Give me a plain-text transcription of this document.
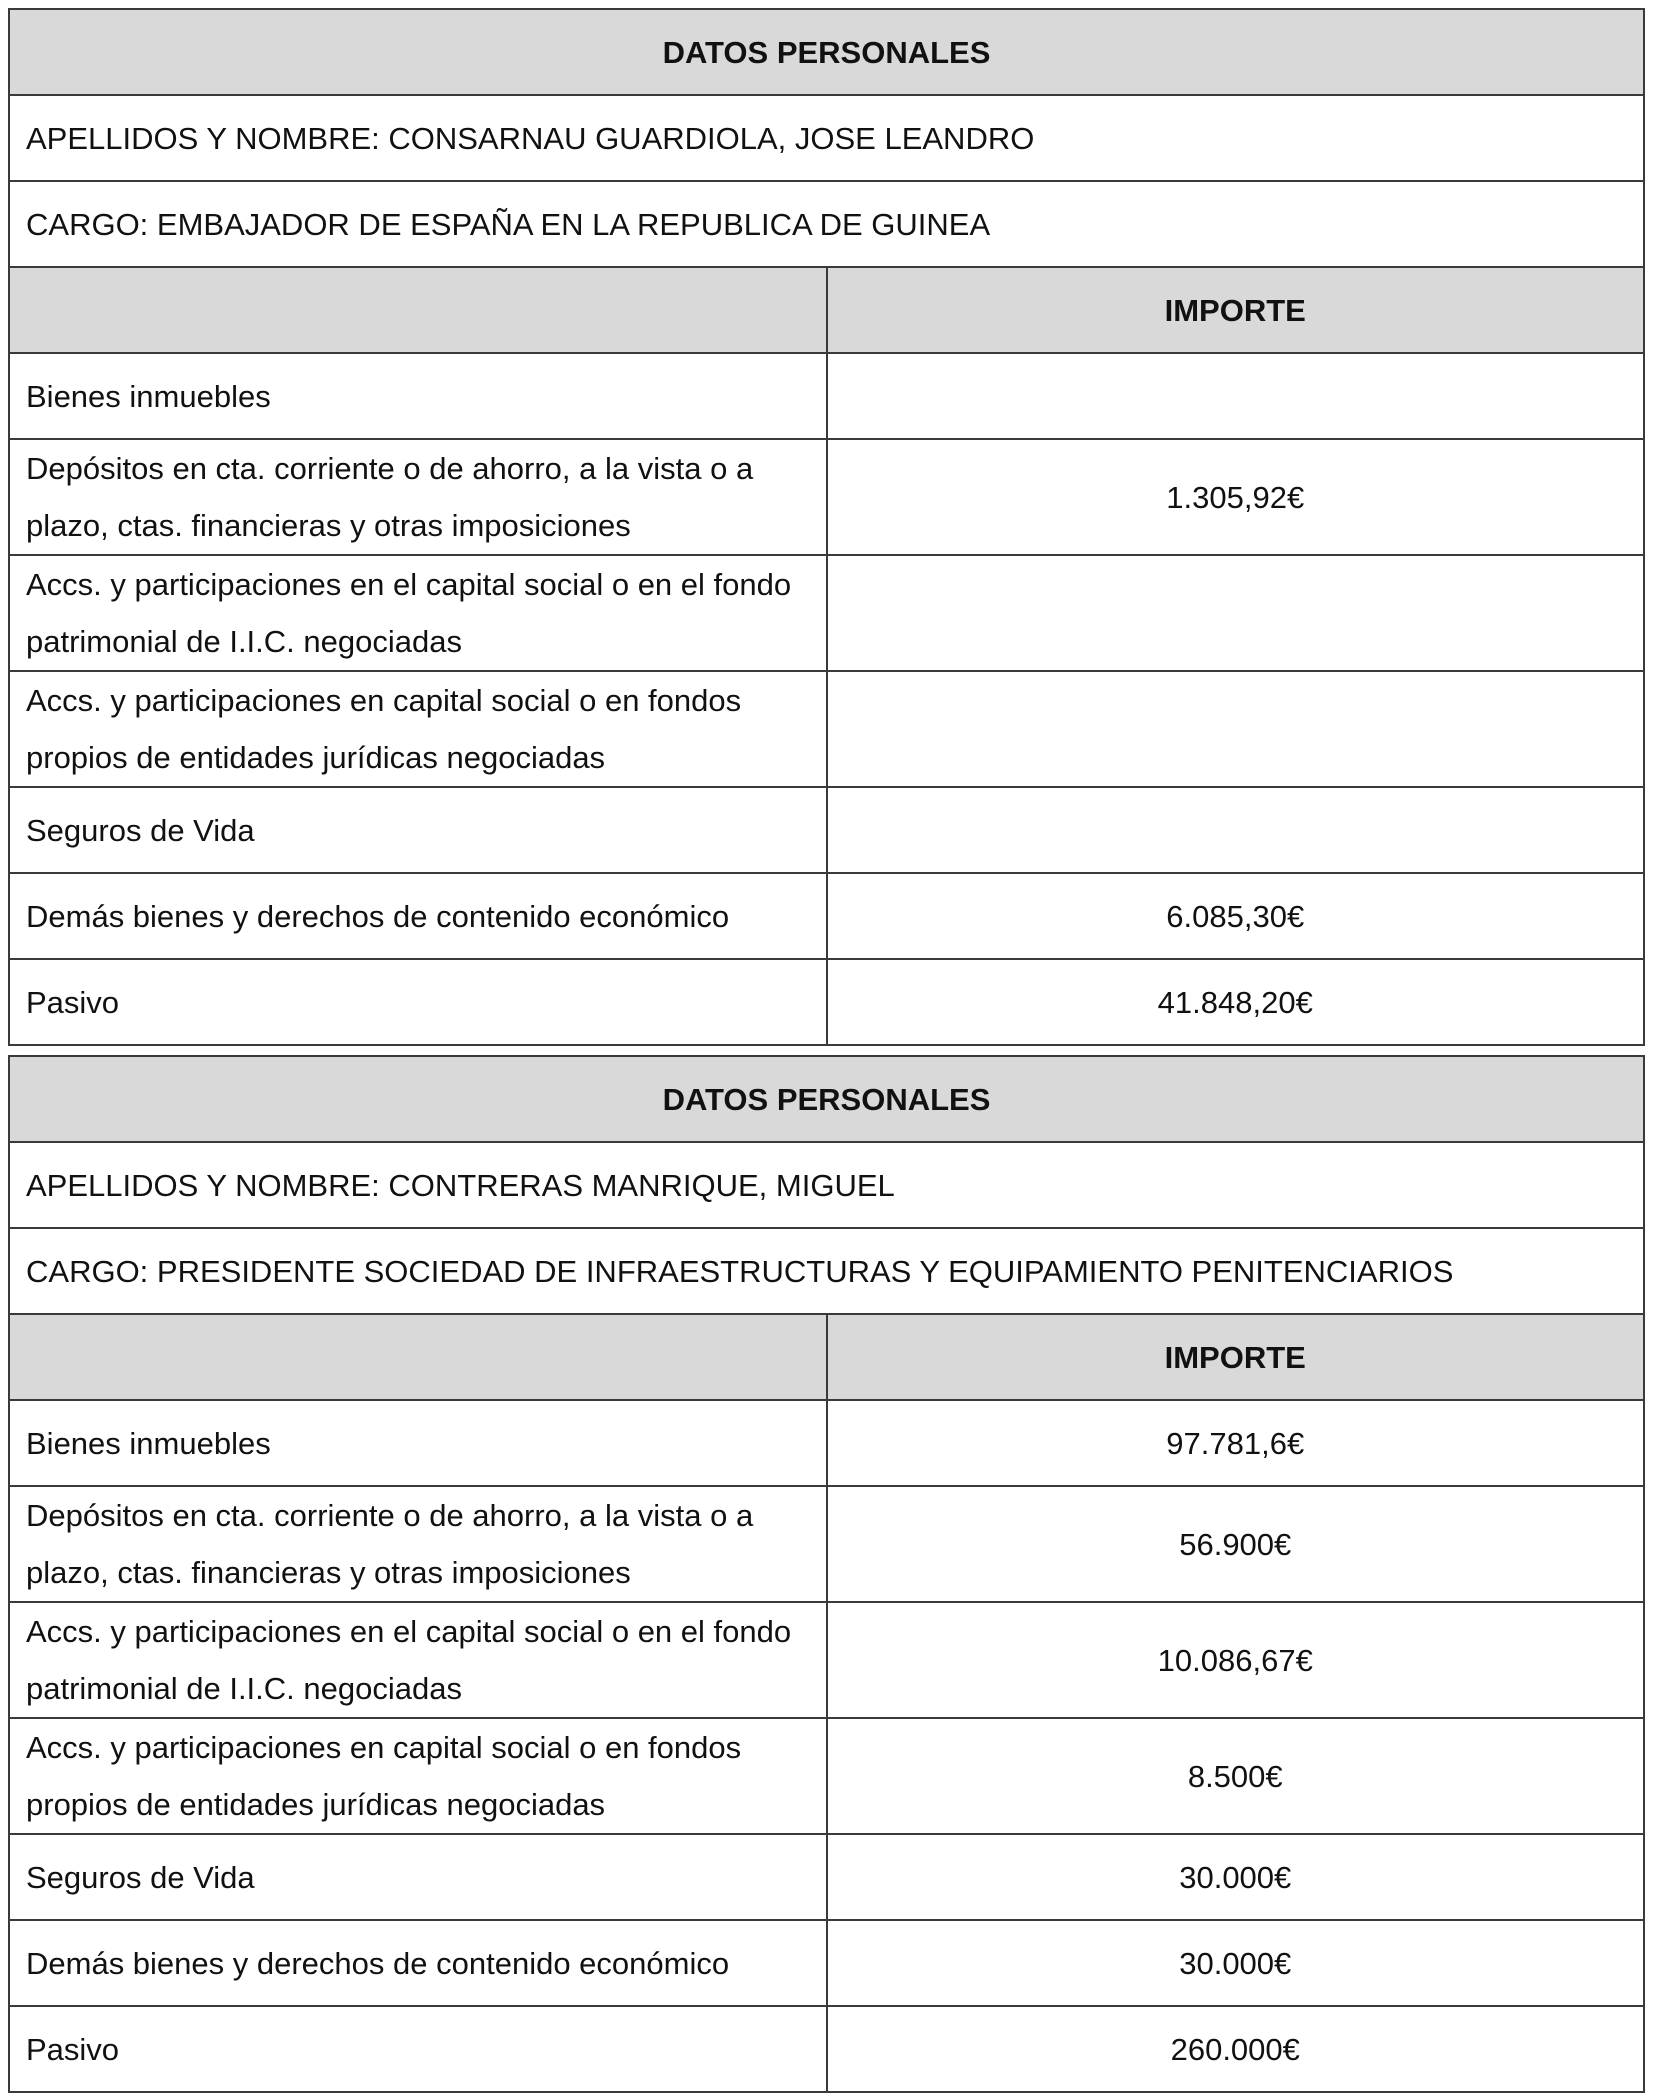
DATOS PERSONALES	
APELLIDOS Y NOMBRE: CONSARNAU GUARDIOLA, JOSE LEANDRO	
CARGO: EMBAJADOR DE ESPAÑA EN LA REPUBLICA DE GUINEA	
	IMPORTE
Bienes inmuebles	
Depósitos en cta. corriente o de ahorro, a la vista o a plazo, ctas. financieras y otras imposiciones	1.305,92€
Accs. y participaciones en el capital social o en el fondo patrimonial de I.I.C. negociadas	
Accs. y participaciones en capital social o en fondos propios de entidades jurídicas negociadas	
Seguros de Vida	
Demás bienes y derechos de contenido económico	6.085,30€
Pasivo	41.848,20€
DATOS PERSONALES	
APELLIDOS Y NOMBRE: CONTRERAS MANRIQUE, MIGUEL	
CARGO: PRESIDENTE SOCIEDAD DE INFRAESTRUCTURAS Y EQUIPAMIENTO PENITENCIARIOS	
	IMPORTE
Bienes inmuebles	97.781,6€
Depósitos en cta. corriente o de ahorro, a la vista o a plazo, ctas. financieras y otras imposiciones	56.900€
Accs. y participaciones en el capital social o en el fondo patrimonial de I.I.C. negociadas	10.086,67€
Accs. y participaciones en capital social o en fondos propios de entidades jurídicas negociadas	8.500€
Seguros de Vida	30.000€
Demás bienes y derechos de contenido económico	30.000€
Pasivo	260.000€
